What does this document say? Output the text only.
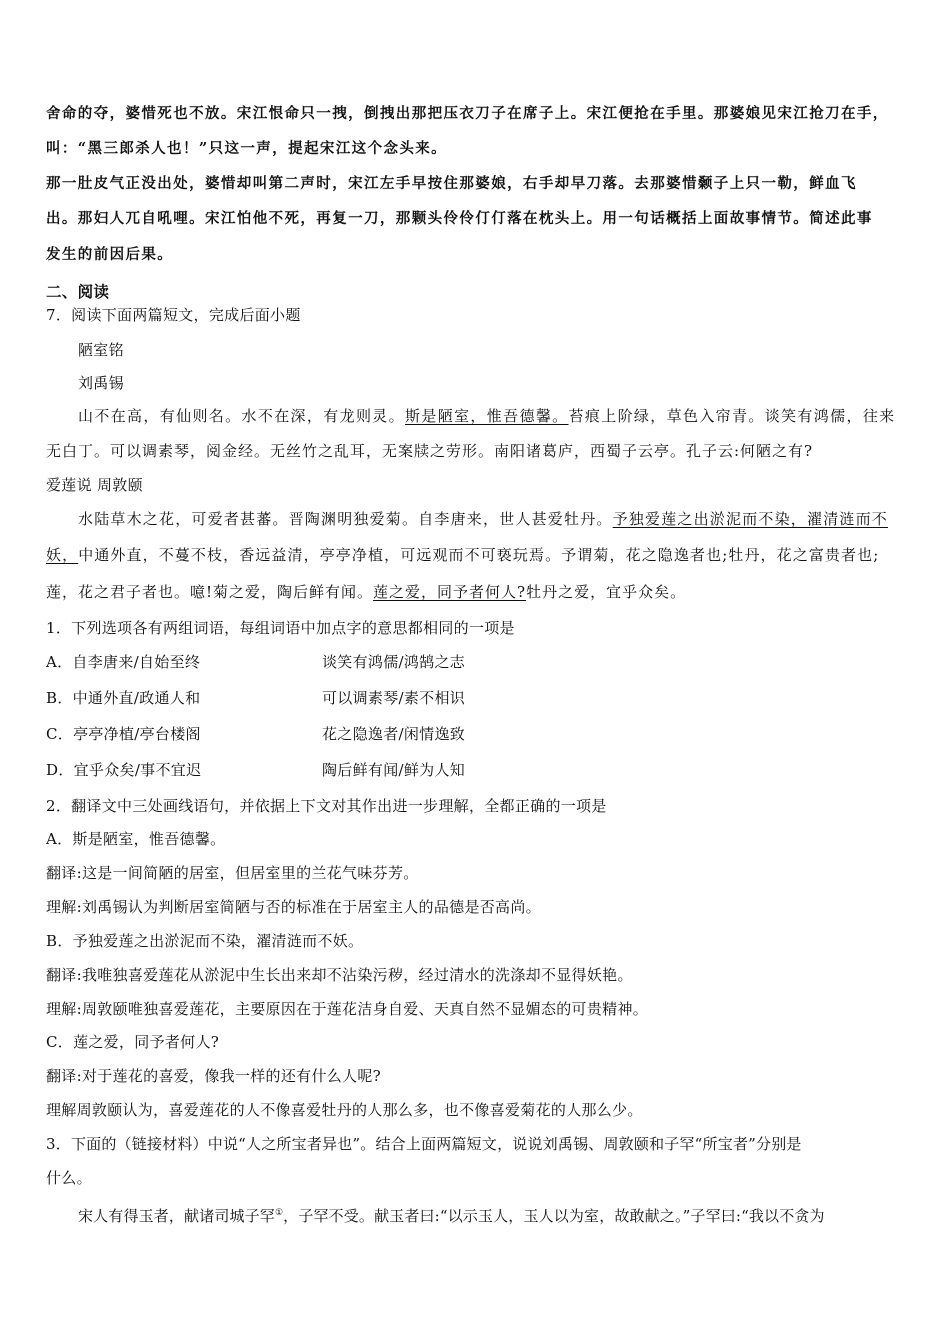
舍命的夺，婆惜死也不放。宋江恨命只一拽，倒拽出那把压衣刀子在席子上。宋江便抢在手里。那婆娘见宋江抢刀在手，
叫：“黑三郎杀人也！”只这一声，提起宋江这个念头来。
那一肚皮气正没出处，婆惜却叫第二声时，宋江左手早按住那婆娘，右手却早刀落。去那婆惜颡子上只一勒，鲜血飞
出。那妇人兀自吼哩。宋江怕他不死，再复一刀，那颗头伶伶仃仃落在枕头上。用一句话概括上面故事情节。简述此事
发生的前因后果。
二、阅读
7．阅读下面两篇短文，完成后面小题
陋室铭
刘禹锡
山不在高，有仙则名。水不在深，有龙则灵。斯是陋室，惟吾德馨。苔痕上阶绿，草色入帘青。谈笑有鸿儒，往来
无白丁。可以调素琴，阅金经。无丝竹之乱耳，无案牍之劳形。南阳诸葛庐，西蜀子云亭。孔子云:何陋之有?
爱莲说 周敦颐
水陆草木之花，可爱者甚蕃。晋陶渊明独爱菊。自李唐来，世人甚爱牡丹。予独爱莲之出淤泥而不染，濯清涟而不
妖，中通外直，不蔓不枝，香远益清，亭亭净植，可远观而不可亵玩焉。予谓菊，花之隐逸者也;牡丹，花之富贵者也;
莲，花之君子者也。噫!菊之爱，陶后鲜有闻。莲之爱，同予者何人?牡丹之爱，宜乎众矣。
1．下列选项各有两组词语，每组词语中加点字的意思都相同的一项是
A．自李唐来/自始至终	谈笑有鸿儒/鸿鹄之志
B．中通外直/政通人和	可以调素琴/素不相识
C．亭亭净植/亭台楼阁	花之隐逸者/闲情逸致
D．宜乎众矣/事不宜迟	陶后鲜有闻/鲜为人知
2．翻译文中三处画线语句，并依据上下文对其作出进一步理解，全都正确的一项是
A．斯是陋室，惟吾德馨。
翻译:这是一间简陋的居室，但居室里的兰花气味芬芳。
理解:刘禹锡认为判断居室简陋与否的标准在于居室主人的品德是否高尚。
B．予独爱莲之出淤泥而不染，濯清涟而不妖。
翻译:我唯独喜爱莲花从淤泥中生长出来却不沾染污秽，经过清水的洗涤却不显得妖艳。
理解:周敦颐唯独喜爱莲花，主要原因在于莲花洁身自爱、天真自然不显媚态的可贵精神。
C．莲之爱，同予者何人?
翻译:对于莲花的喜爱，像我一样的还有什么人呢?
理解周敦颐认为，喜爱莲花的人不像喜爱牡丹的人那么多，也不像喜爱菊花的人那么少。
3．下面的（链接材料）中说“人之所宝者异也”。结合上面两篇短文，说说刘禹锡、周敦颐和子罕“所宝者”分别是
什么。
宋人有得玉者，献诸司城子罕①，子罕不受。献玉者曰:“以示玉人，玉人以为室，故敢献之。”子罕曰:“我以不贪为
